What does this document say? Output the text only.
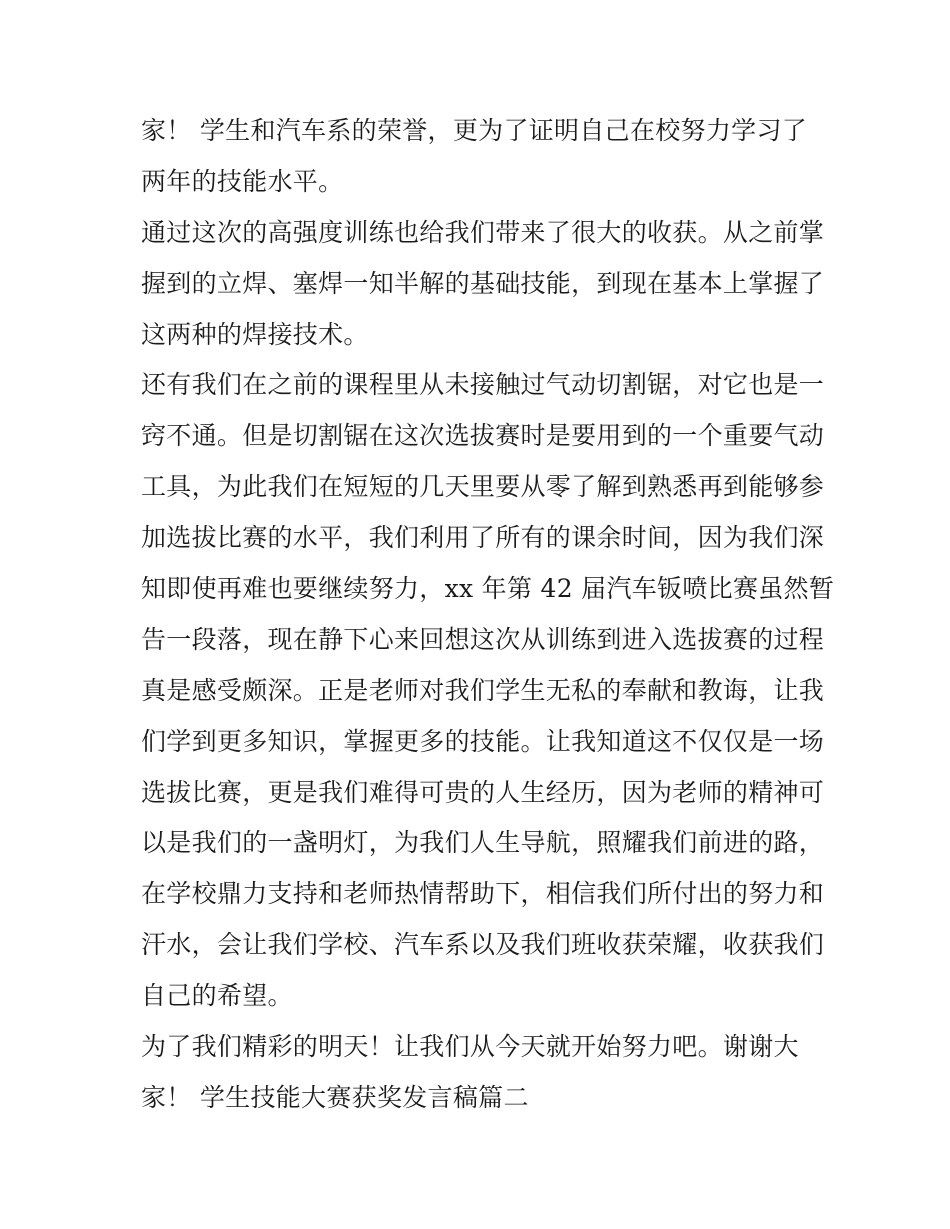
家！ 学生和汽车系的荣誉，更为了证明自己在校努力学习了
两年的技能水平。
通过这次的高强度训练也给我们带来了很大的收获。从之前掌
握到的立焊、塞焊一知半解的基础技能，到现在基本上掌握了
这两种的焊接技术。
还有我们在之前的课程里从未接触过气动切割锯，对它也是一
窍不通。但是切割锯在这次选拔赛时是要用到的一个重要气动
工具，为此我们在短短的几天里要从零了解到熟悉再到能够参
加选拔比赛的水平，我们利用了所有的课余时间，因为我们深
知即使再难也要继续努力，xx 年第 42 届汽车钣喷比赛虽然暂
告一段落，现在静下心来回想这次从训练到进入选拔赛的过程
真是感受颇深。正是老师对我们学生无私的奉献和教诲，让我
们学到更多知识，掌握更多的技能。让我知道这不仅仅是一场
选拔比赛，更是我们难得可贵的人生经历，因为老师的精神可
以是我们的一盏明灯，为我们人生导航，照耀我们前进的路，
在学校鼎力支持和老师热情帮助下，相信我们所付出的努力和
汗水，会让我们学校、汽车系以及我们班收获荣耀，收获我们
自己的希望。
为了我们精彩的明天！让我们从今天就开始努力吧。谢谢大
家！ 学生技能大赛获奖发言稿篇二
